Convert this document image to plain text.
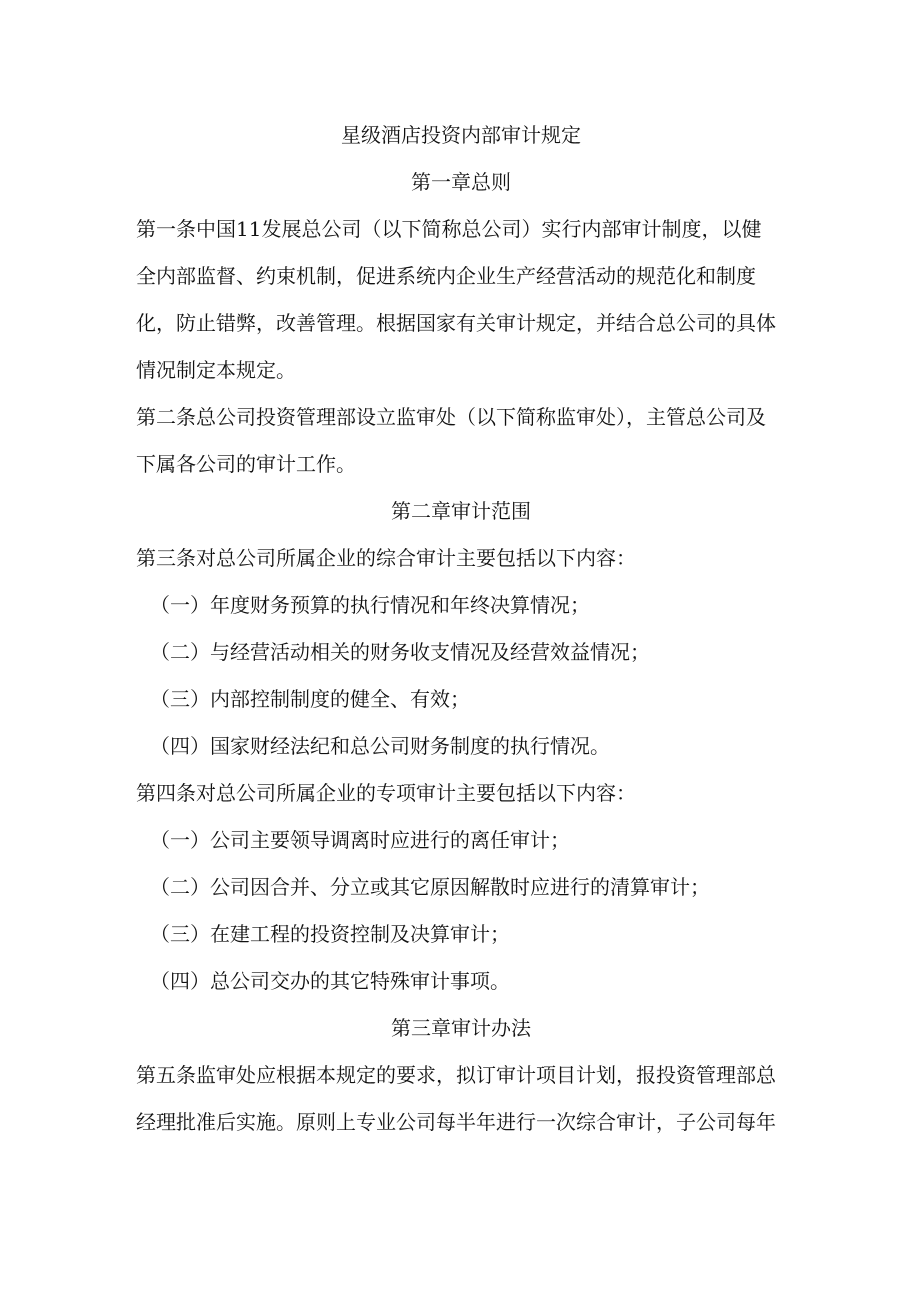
星级酒店投资内部审计规定
第一章总则
第一条中国11发展总公司（以下简称总公司）实行内部审计制度，以健
全内部监督、约束机制，促进系统内企业生产经营活动的规范化和制度
化，防止错弊，改善管理。根据国家有关审计规定，并结合总公司的具体
情况制定本规定。
第二条总公司投资管理部设立监审处（以下简称监审处），主管总公司及
下属各公司的审计工作。
第二章审计范围
第三条对总公司所属企业的综合审计主要包括以下内容：
（一）年度财务预算的执行情况和年终决算情况；
（二）与经营活动相关的财务收支情况及经营效益情况；
（三）内部控制制度的健全、有效；
（四）国家财经法纪和总公司财务制度的执行情况。
第四条对总公司所属企业的专项审计主要包括以下内容：
（一）公司主要领导调离时应进行的离任审计；
（二）公司因合并、分立或其它原因解散时应进行的清算审计；
（三）在建工程的投资控制及决算审计；
（四）总公司交办的其它特殊审计事项。
第三章审计办法
第五条监审处应根据本规定的要求，拟订审计项目计划，报投资管理部总
经理批准后实施。原则上专业公司每半年进行一次综合审计，子公司每年
